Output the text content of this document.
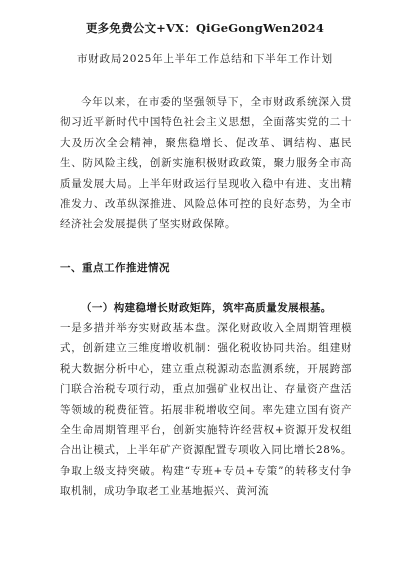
更多免费公文+VX：QiGeGongWen2024
市财政局2025年上半年工作总结和下半年工作计划

今年以来，在市委的坚强领导下，全市财政系统深入贯彻习近平新时代中国特色社会主义思想，全面落实党的二十大及历次全会精神，聚焦稳增长、促改革、调结构、惠民生、防风险主线，创新实施积极财政政策，聚力服务全市高质量发展大局。上半年财政运行呈现收入稳中有进、支出精准发力、改革纵深推进、风险总体可控的良好态势，为全市经济社会发展提供了坚实财政保障。

一、重点工作推进情况
（一）构建稳增长财政矩阵，筑牢高质量发展根基。

一是多措并举夯实财政基本盘。深化财政收入全周期管理模式，创新建立三维度增收机制：强化税收协同共治。组建财税大数据分析中心，建立重点税源动态监测系统，开展跨部门联合治税专项行动，重点加强矿业权出让、存量资产盘活等领域的税费征管。拓展非税增收空间。率先建立国有资产全生命周期管理平台，创新实施特许经营权+资源开发权组合出让模式，上半年矿产资源配置专项收入同比增长28%。争取上级支持突破。构建“专班+专员+专策”的转移支付争取机制，成功争取老工业基地振兴、黄河流
